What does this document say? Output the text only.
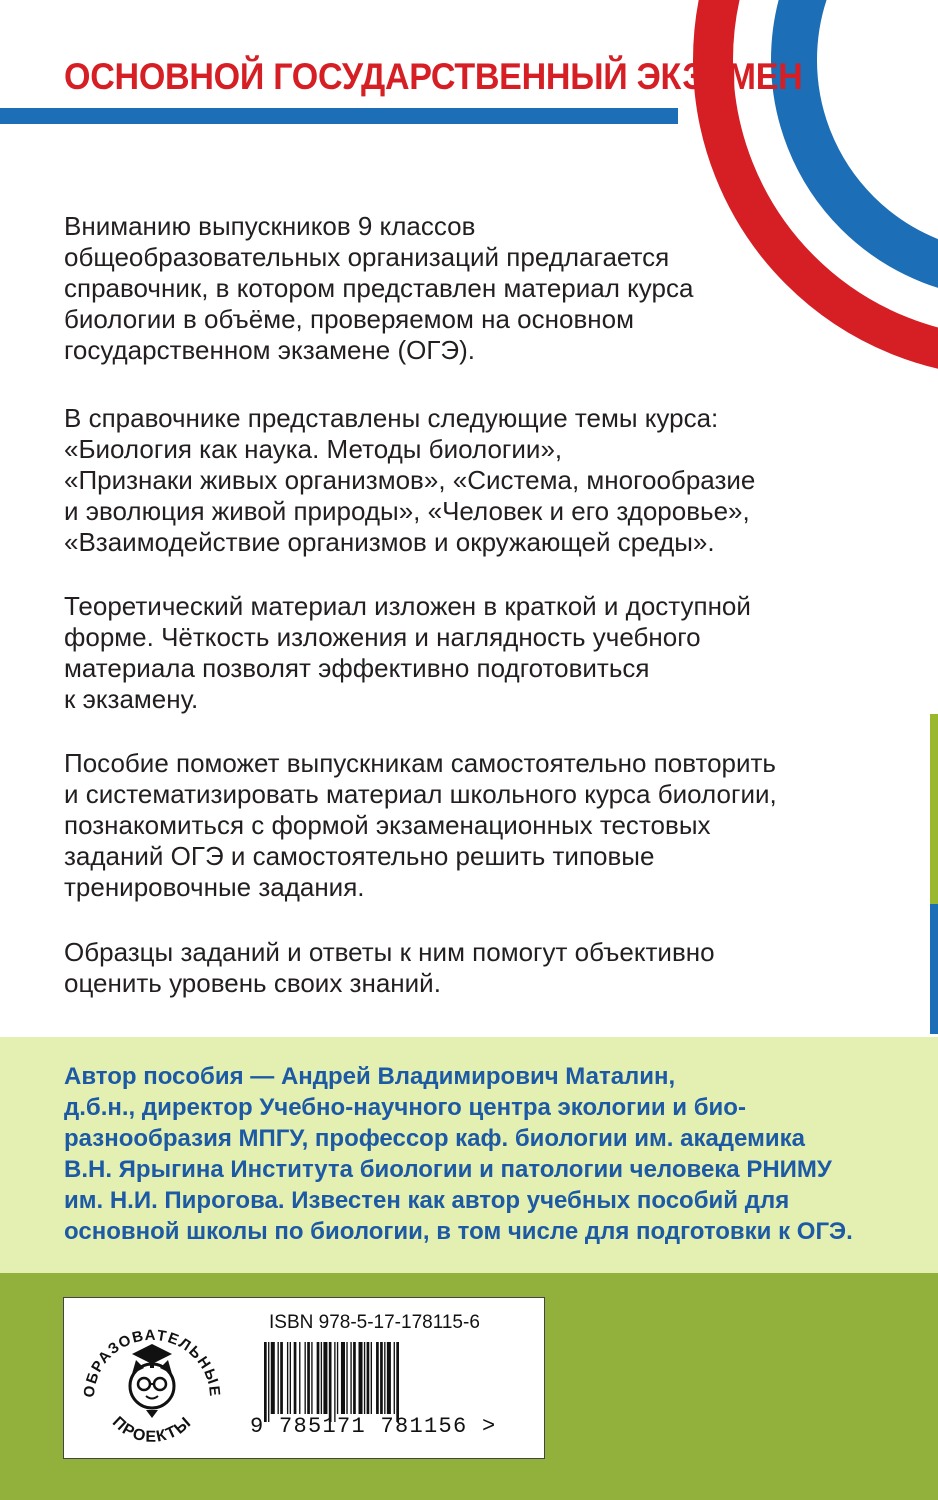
ОСНОВНОЙ ГОСУДАРСТВЕННЫЙ ЭКЗАМЕН
Вниманию выпускников 9 классов
общеобразовательных организаций предлагается
справочник, в котором представлен материал курса
биологии в объёме, проверяемом на основном
государственном экзамене (ОГЭ).
В справочнике представлены следующие темы курса:
«Биология как наука. Методы биологии»,
«Признаки живых организмов», «Система, многообразие
и эволюция живой природы», «Человек и его здоровье»,
«Взаимодействие организмов и окружающей среды».
Теоретический материал изложен в краткой и доступной
форме. Чёткость изложения и наглядность учебного
материала позволят эффективно подготовиться
к экзамену.
Пособие поможет выпускникам самостоятельно повторить
и систематизировать материал школьного курса биологии,
познакомиться с формой экзаменационных тестовых
заданий ОГЭ и самостоятельно решить типовые
тренировочные задания.
Образцы заданий и ответы к ним помогут объективно
оценить уровень своих знаний.
Автор пособия — Андрей Владимирович Маталин,
д.б.н., директор Учебно-научного центра экологии и био-
разнообразия МПГУ, профессор каф. биологии им. академика
В.Н. Ярыгина Института биологии и патологии человека РНИМУ
им. Н.И. Пирогова. Известен как автор учебных пособий для
основной школы по биологии, в том числе для подготовки к ОГЭ.
ОБРАЗОВАТЕЛЬНЫЕ
ПРОЕКТЫ
ISBN 978-5-17-178115-6
9 785171 781156 >
